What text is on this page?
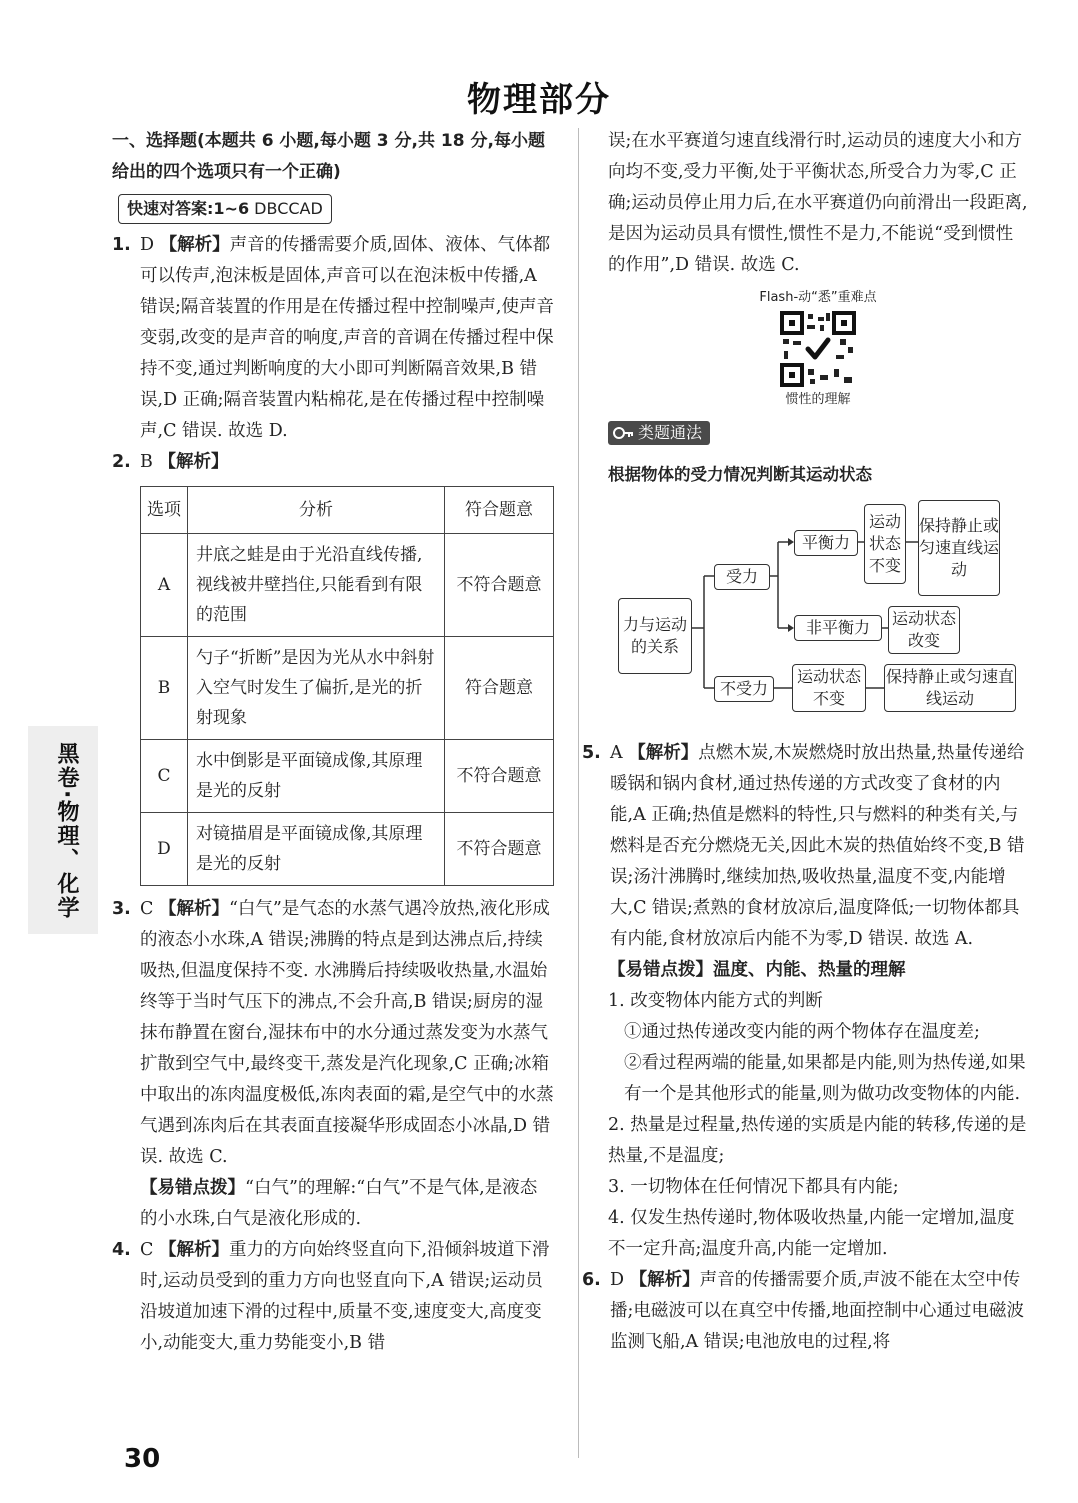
物理部分
黑卷·物理、化学
一、选择题(本题共 6 小题,每小题 3 分,共 18 分,每小题给出的四个选项只有一个正确)
快速对答案:1~6 DBCCAD
1. D 【解析】声音的传播需要介质,固体、液体、气体都可以传声,泡沫板是固体,声音可以在泡沫板中传播,A 错误;隔音装置的作用是在传播过程中控制噪声,使声音变弱,改变的是声音的响度,声音的音调在传播过程中保持不变,通过判断响度的大小即可判断隔音效果,B 错误,D 正确;隔音装置内粘棉花,是在传播过程中控制噪声,C 错误. 故选 D.
2. B 【解析】
选项	分析	符合题意
A	井底之蛙是由于光沿直线传播,视线被井壁挡住,只能看到有限的范围	不符合题意
B	勺子“折断”是因为光从水中斜射入空气时发生了偏折,是光的折射现象	符合题意
C	水中倒影是平面镜成像,其原理是光的反射	不符合题意
D	对镜描眉是平面镜成像,其原理是光的反射	不符合题意
3. C 【解析】“白气”是气态的水蒸气遇冷放热,液化形成的液态小水珠,A 错误;沸腾的特点是到达沸点后,持续吸热,但温度保持不变. 水沸腾后持续吸收热量,水温始终等于当时气压下的沸点,不会升高,B 错误;厨房的湿抹布静置在窗台,湿抹布中的水分通过蒸发变为水蒸气扩散到空气中,最终变干,蒸发是汽化现象,C 正确;冰箱中取出的冻肉温度极低,冻肉表面的霜,是空气中的水蒸气遇到冻肉后在其表面直接凝华形成固态小冰晶,D 错误. 故选 C.
【易错点拨】“白气”的理解:“白气”不是气体,是液态的小水珠,白气是液化形成的.
4. C 【解析】重力的方向始终竖直向下,沿倾斜坡道下滑时,运动员受到的重力方向也竖直向下,A 错误;运动员沿坡道加速下滑的过程中,质量不变,速度变大,高度变小,动能变大,重力势能变小,B 错
误;在水平赛道匀速直线滑行时,运动员的速度大小和方向均不变,受力平衡,处于平衡状态,所受合力为零,C 正确;运动员停止用力后,在水平赛道仍向前滑出一段距离,是因为运动员具有惯性,惯性不是力,不能说“受到惯性的作用”,D 错误. 故选 C.
Flash-动“悉”重难点
惯性的理解
类题通法
根据物体的受力情况判断其运动状态
力与运动的关系
受力
不受力
平衡力
非平衡力
运动状态不变
保持静止或匀速直线运动
运动状态改变
运动状态不变
保持静止或匀速直线运动
5. A 【解析】点燃木炭,木炭燃烧时放出热量,热量传递给暖锅和锅内食材,通过热传递的方式改变了食材的内能,A 正确;热值是燃料的特性,只与燃料的种类有关,与燃料是否充分燃烧无关,因此木炭的热值始终不变,B 错误;汤汁沸腾时,继续加热,吸收热量,温度不变,内能增大,C 错误;煮熟的食材放凉后,温度降低;一切物体都具有内能,食材放凉后内能不为零,D 错误. 故选 A.
【易错点拨】温度、内能、热量的理解
1. 改变物体内能方式的判断
①通过热传递改变内能的两个物体存在温度差;
②看过程两端的能量,如果都是内能,则为热传递,如果有一个是其他形式的能量,则为做功改变物体的内能.
2. 热量是过程量,热传递的实质是内能的转移,传递的是热量,不是温度;
3. 一切物体在任何情况下都具有内能;
4. 仅发生热传递时,物体吸收热量,内能一定增加,温度不一定升高;温度升高,内能一定增加.
6. D 【解析】声音的传播需要介质,声波不能在太空中传播;电磁波可以在真空中传播,地面控制中心通过电磁波监测飞船,A 错误;电池放电的过程,将
30
